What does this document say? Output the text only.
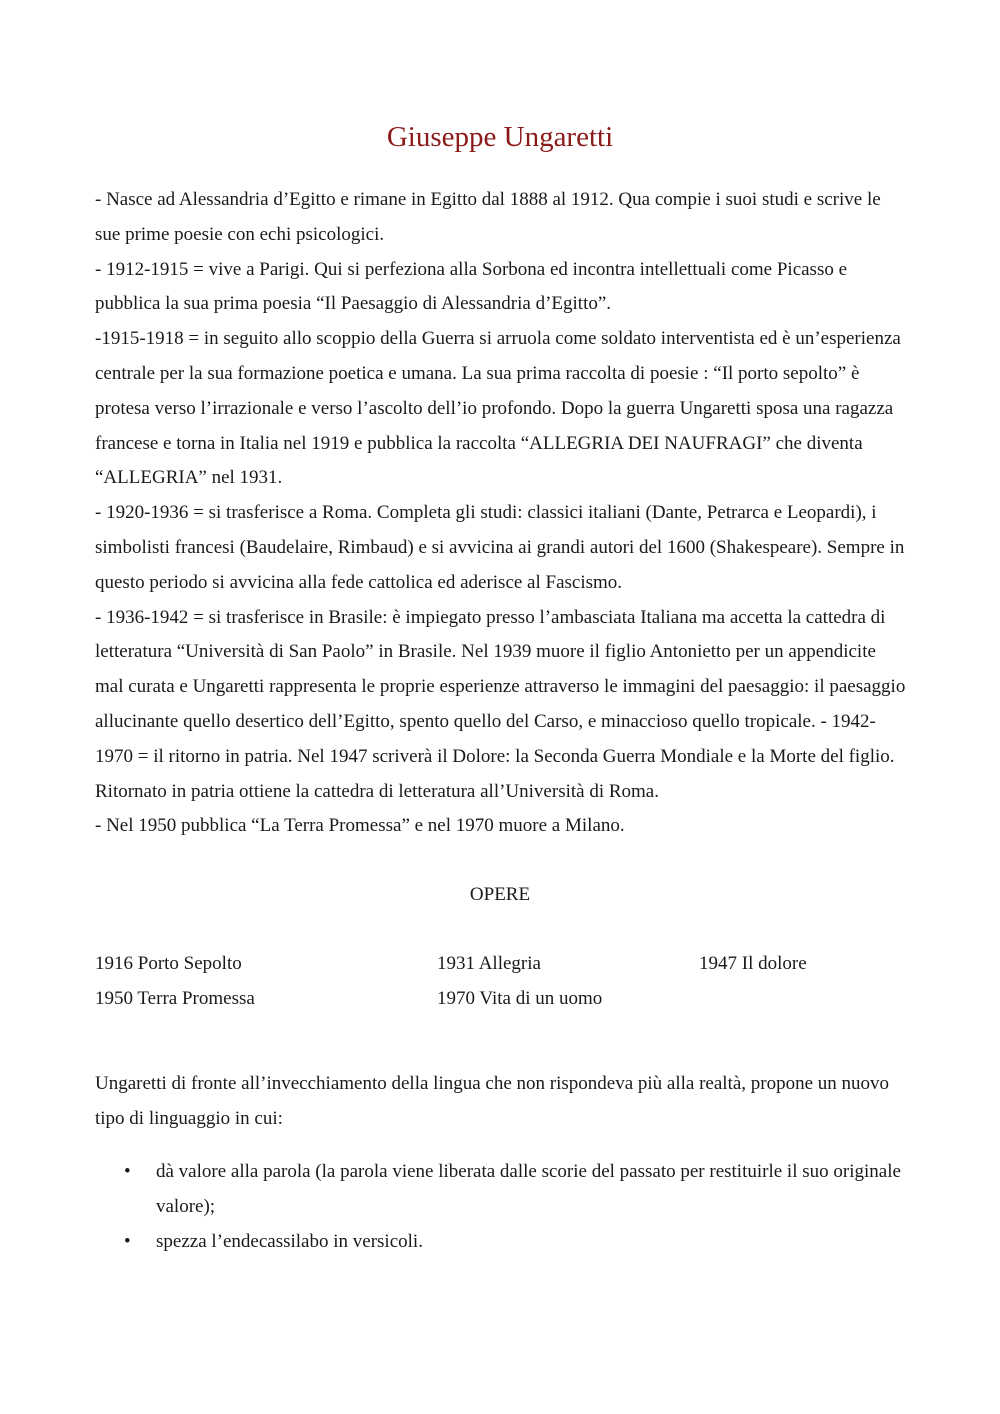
Giuseppe Ungaretti

- Nasce ad Alessandria d’Egitto e rimane in Egitto dal 1888 al 1912. Qua compie i suoi studi e scrive le sue prime poesie con echi psicologici.

- 1912-1915 = vive a Parigi. Qui si perfeziona alla Sorbona ed incontra intellettuali come Picasso e pubblica la sua prima poesia “Il Paesaggio di Alessandria d’Egitto”.

-1915-1918 = in seguito allo scoppio della Guerra si arruola come soldato interventista ed è un’esperienza centrale per la sua formazione poetica e umana. La sua prima raccolta di poesie : “Il porto sepolto” è protesa verso l’irrazionale e verso l’ascolto dell’io profondo. Dopo la guerra Ungaretti sposa una ragazza francese e torna in Italia nel 1919 e pubblica la raccolta “ALLEGRIA DEI NAUFRAGI” che diventa “ALLEGRIA” nel 1931.

- 1920-1936 = si trasferisce a Roma. Completa gli studi: classici italiani (Dante, Petrarca e Leopardi), i simbolisti francesi (Baudelaire, Rimbaud) e si avvicina ai grandi autori del 1600 (Shakespeare). Sempre in questo periodo si avvicina alla fede cattolica ed aderisce al Fascismo.

- 1936-1942 = si trasferisce in Brasile: è impiegato presso l’ambasciata Italiana ma accetta la cattedra di letteratura “Università di San Paolo” in Brasile. Nel 1939 muore il figlio Antonietto per un appendicite mal curata e Ungaretti rappresenta le proprie esperienze attraverso le immagini del paesaggio: il paesaggio allucinante quello desertico dell’Egitto, spento quello del Carso, e minaccioso quello tropicale. - 1942-1970 = il ritorno in patria. Nel 1947 scriverà il Dolore: la Seconda Guerra Mondiale e la Morte del figlio. Ritornato in patria ottiene la cattedra di letteratura all’Università di Roma.

- Nel 1950 pubblica “La Terra Promessa” e nel 1970 muore a Milano.

OPERE
1916 Porto Sepolto	1931 Allegria	1947 Il dolore
1950 Terra Promessa	1970 Vita di un uomo

Ungaretti di fronte all’invecchiamento della lingua che non rispondeva più alla realtà, propone un nuovo tipo di linguaggio in cui:

• dà valore alla parola (la parola viene liberata dalle scorie del passato per restituirle il suo originale valore);
• spezza l’endecassilabo in versicoli.
